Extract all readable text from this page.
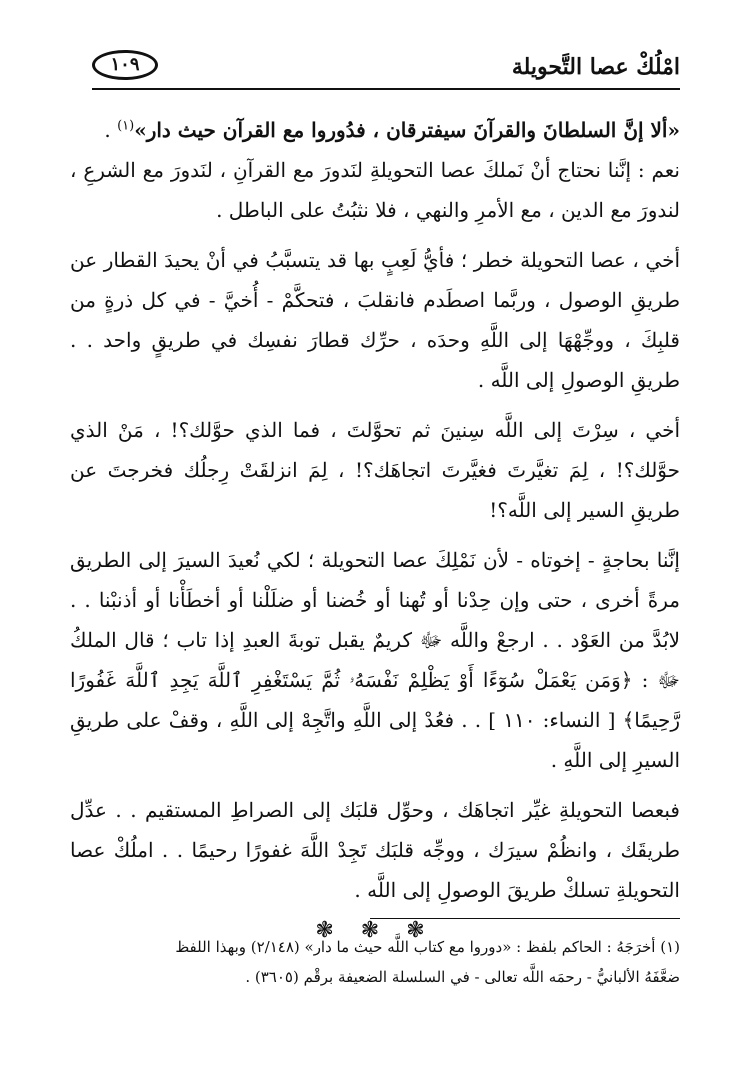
امْلُكْ عصا التَّحويلة
١٠٩

«ألا إنَّ السلطانَ والقرآنَ سيفترقان ، فدُوروا مع القرآن حيث دار»$^{(١)}$ .

نعم : إنَّنا نحتاج أنْ نَملكَ عصا التحويلةِ لنَدورَ مع القرآنِ ، لنَدورَ مع الشرعِ ، لندورَ مع الدين ، مع الأمرِ والنهي ، فلا نثبُتُ على الباطل .

أخي ، عصا التحويلة خطر ؛ فأيُّ لَعِبٍ بها قد يتسبَّبُ في أنْ يحيدَ القطار عن طريقِ الوصول ، وربَّما اصطَدم فانقلبَ ، فتحكَّمْ - أُخيَّ - في كل ذرةٍ من قلبِكَ ، ووجِّهْهَا إلى اللَّهِ وحدَه ، حرِّك قطارَ نفسِك في طريقٍ واحد . . طريقِ الوصولِ إلى اللَّه .

أخي ، سِرْتَ إلى اللَّه سِنينَ ثم تحوَّلتَ ، فما الذي حوَّلك؟! ، مَنْ الذي حوَّلك؟! ، لِمَ تغيَّرتَ فغيَّرتَ اتجاهَك؟! ، لِمَ انزلقَتْ رِجلُك فخرجتَ عن طريقِ السير إلى اللَّه؟!

إنَّنا بحاجةٍ - إخوتاه - لأن نَمْلِكَ عصا التحويلة ؛ لكي نُعيدَ السيرَ إلى الطريق مرةً أخرى ، حتى وإن حِدْنا أو تُهنا أو خُضنا أو ضلَلْنا أو أخطَأْنا أو أذنبْنا . . لابُدَّ من العَوْد . . ارجعْ واللَّه ﷻ كريمٌ يقبل توبةَ العبدِ إذا تاب ؛ قال الملكُ ﷻ : ﴿وَمَن يَعْمَلْ سُوٓءًا أَوْ يَظْلِمْ نَفْسَهُۥ ثُمَّ يَسْتَغْفِرِ ٱللَّهَ يَجِدِ ٱللَّهَ غَفُورًا رَّحِيمًا﴾ [ النساء: ١١٠ ] . . فعُدْ إلى اللَّهِ واتَّجِهْ إلى اللَّهِ ، وقفْ على طريقِ السيرِ إلى اللَّهِ .

فبعصا التحويلةِ غيِّر اتجاهَك ، وحوِّل قلبَك إلى الصراطِ المستقيم . . عدِّل طريقَك ، وانظُمْ سيرَك ، ووجِّه قلبَك تَجِدْ اللَّهَ غفورًا رحيمًا . . املُكْ عصا التحويلةِ تسلكْ طريقَ الوصولِ إلى اللَّه .

❃ ❃ ❃

(١) أخرَجَهُ : الحاكم بلفظ : «دوروا مع كتاب اللَّه حيث ما دار» (٢/١٤٨) وبهذا اللفظ

ضعَّفَهُ الألبانيُّ - رحمَه اللَّه تعالى - في السلسلة الضعيفة برقْم (٣٦٠٥) .
